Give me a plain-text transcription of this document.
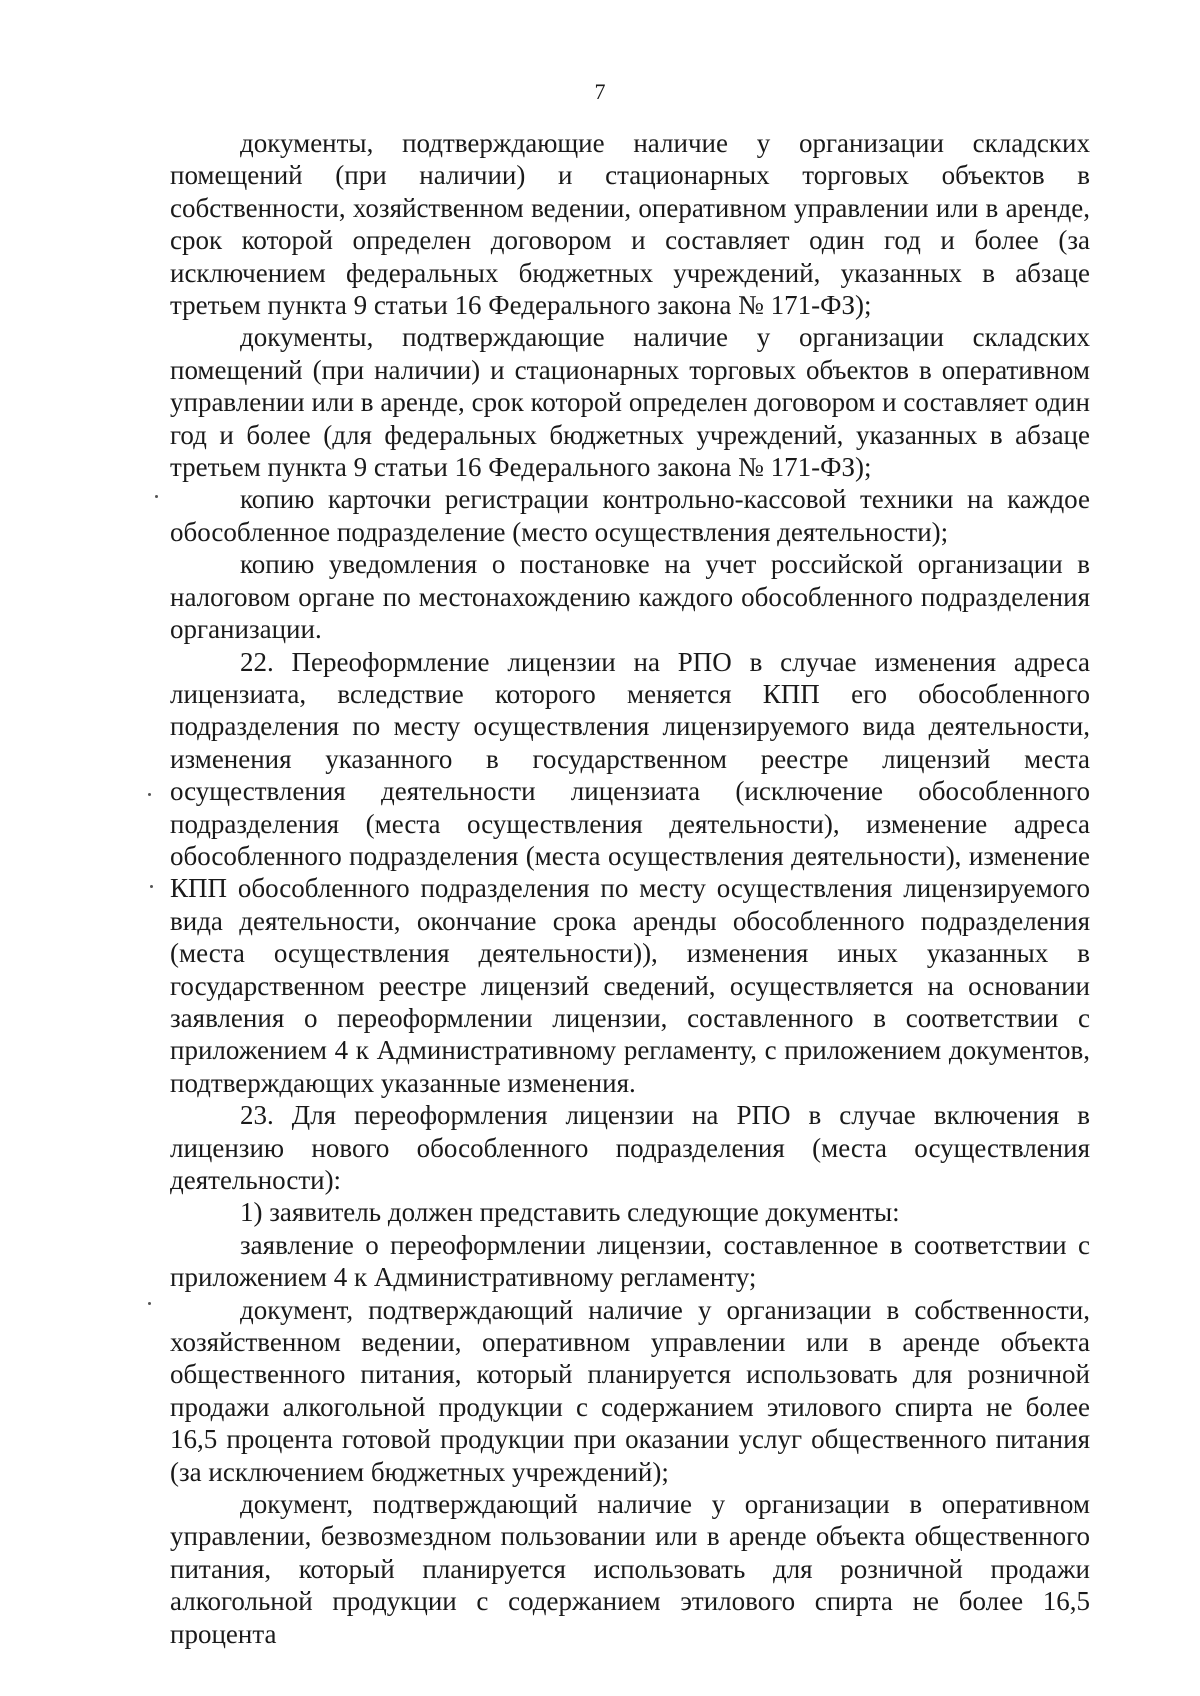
7

документы, подтверждающие наличие у организации складских помещений (при наличии) и стационарных торговых объектов в собственности, хозяйственном ведении, оперативном управлении или в аренде, срок которой определен договором и составляет один год и более (за исключением федеральных бюджетных учреждений, указанных в абзаце третьем пункта 9 статьи 16 Федерального закона № 171-ФЗ);

документы, подтверждающие наличие у организации складских помещений (при наличии) и стационарных торговых объектов в оперативном управлении или в аренде, срок которой определен договором и составляет один год и более (для федеральных бюджетных учреждений, указанных в абзаце третьем пункта 9 статьи 16 Федерального закона № 171-ФЗ);

копию карточки регистрации контрольно-кассовой техники на каждое обособленное подразделение (место осуществления деятельности);

копию уведомления о постановке на учет российской организации в налоговом органе по местонахождению каждого обособленного подразделения организации.

22. Переоформление лицензии на РПО в случае изменения адреса лицензиата, вследствие которого меняется КПП его обособленного подразделения по месту осуществления лицензируемого вида деятельности, изменения указанного в государственном реестре лицензий места осуществления деятельности лицензиата (исключение обособленного подразделения (места осуществления деятельности), изменение адреса обособленного подразделения (места осуществления деятельности), изменение КПП обособленного подразделения по месту осуществления лицензируемого вида деятельности, окончание срока аренды обособленного подразделения (места осуществления деятельности)), изменения иных указанных в государственном реестре лицензий сведений, осуществляется на основании заявления о переоформлении лицензии, составленного в соответствии с приложением 4 к Административному регламенту, с приложением документов, подтверждающих указанные изменения.

23. Для переоформления лицензии на РПО в случае включения в лицензию нового обособленного подразделения (места осуществления деятельности):

1) заявитель должен представить следующие документы:

заявление о переоформлении лицензии, составленное в соответствии с приложением 4 к Административному регламенту;

документ, подтверждающий наличие у организации в собственности, хозяйственном ведении, оперативном управлении или в аренде объекта общественного питания, который планируется использовать для розничной продажи алкогольной продукции с содержанием этилового спирта не более 16,5 процента готовой продукции при оказании услуг общественного питания (за исключением бюджетных учреждений);

документ, подтверждающий наличие у организации в оперативном управлении, безвозмездном пользовании или в аренде объекта общественного питания, который планируется использовать для розничной продажи алкогольной продукции с содержанием этилового спирта не более 16,5 процента
